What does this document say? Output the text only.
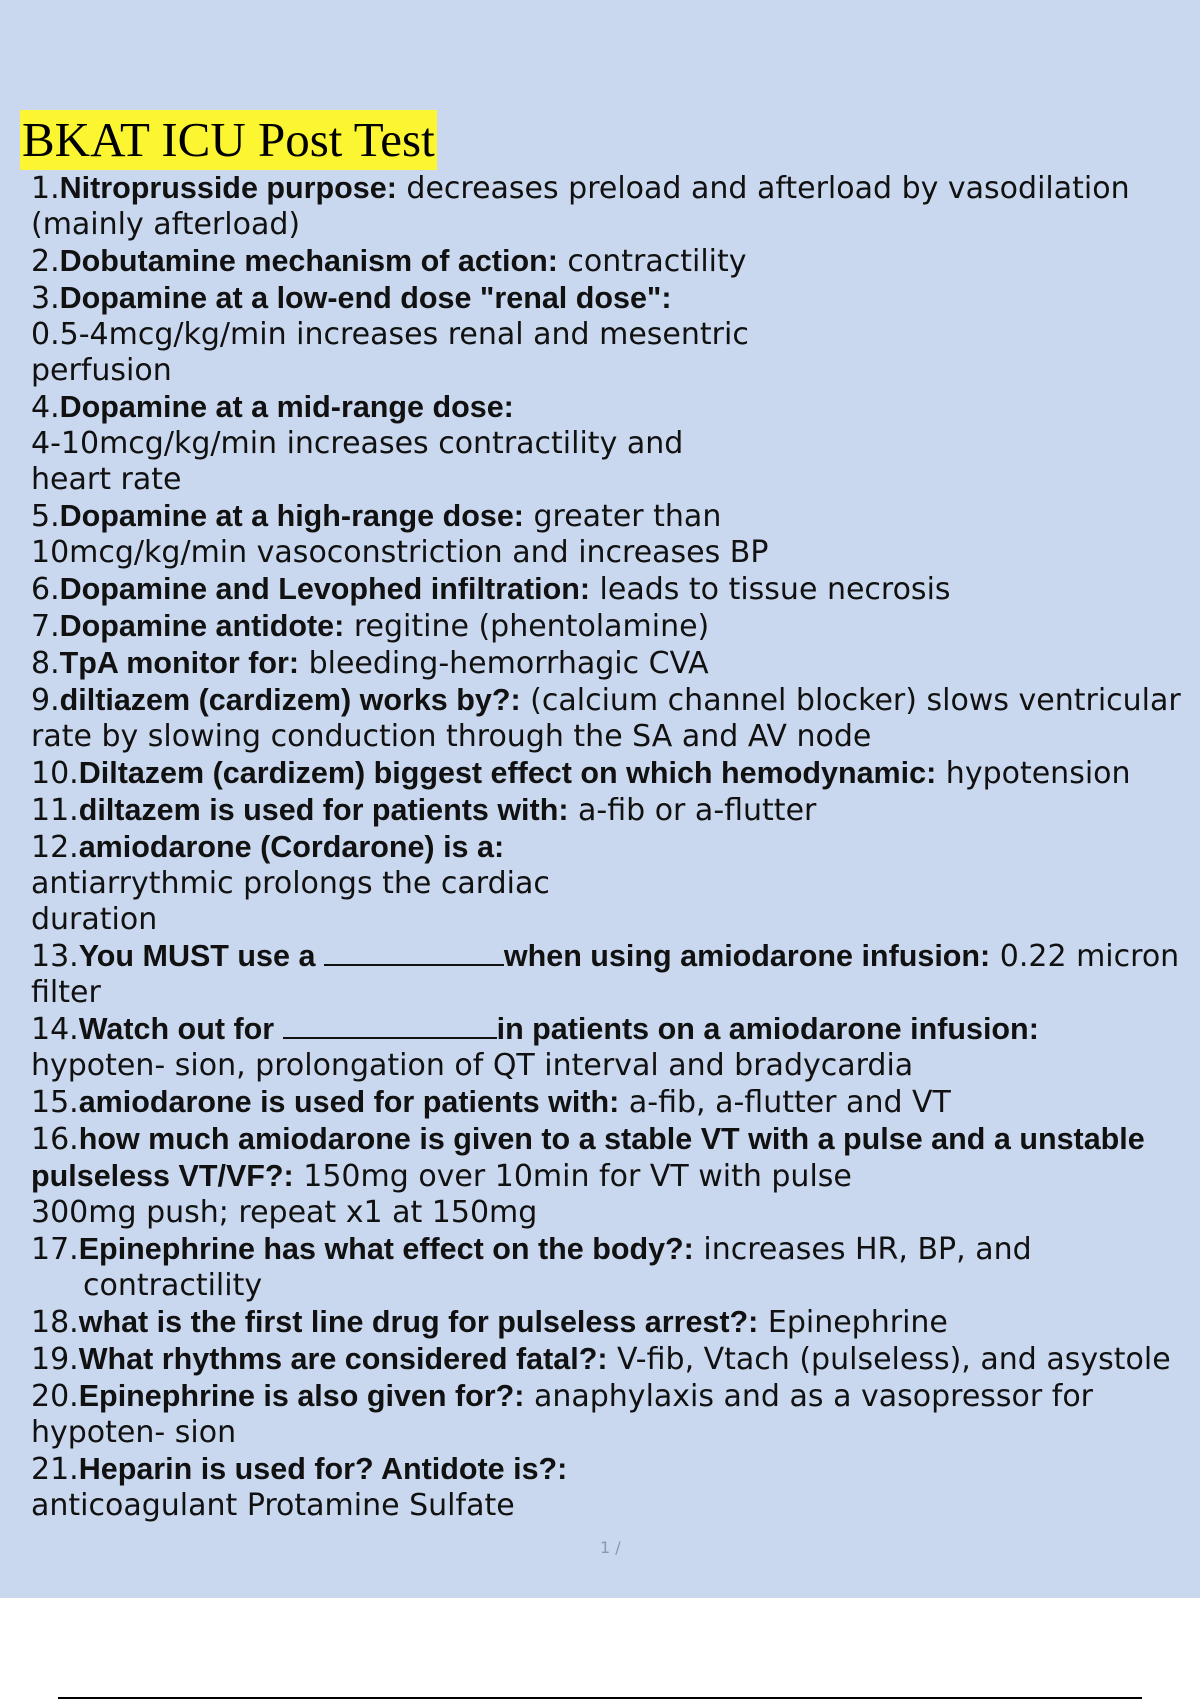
BKAT ICU Post Test

1.Nitroprusside purpose: decreases preload and afterload by vasodilation (mainly afterload)

2.Dobutamine mechanism of action: contractility

3.Dopamine at a low-end dose "renal dose":
0.5-4mcg/kg/min increases renal and mesentric
perfusion

4.Dopamine at a mid-range dose:
4-10mcg/kg/min increases contractility and
heart rate

5.Dopamine at a high-range dose: greater than
10mcg/kg/min vasoconstriction and increases BP

6.Dopamine and Levophed infiltration: leads to tissue necrosis

7.Dopamine antidote: regitine (phentolamine)

8.TpA monitor for: bleeding-hemorrhagic CVA

9.diltiazem (cardizem) works by?: (calcium channel blocker) slows ventricular rate by slowing conduction through the SA and AV node

10.Diltazem (cardizem) biggest effect on which hemodynamic: hypotension

11.diltazem is used for patients with: a-fib or a-flutter

12.amiodarone (Cordarone) is a:
antiarrythmic prolongs the cardiac
duration

13.You MUST use a	when using amiodarone infusion: 0.22 micron filter

14.Watch out for	in patients on a amiodarone infusion:
hypoten- sion, prolongation of QT interval and bradycardia

15.amiodarone is used for patients with: a-fib, a-flutter and VT

16.how much amiodarone is given to a stable VT with a pulse and a unstable pulseless VT/VF?: 150mg over 10min for VT with pulse
300mg push; repeat x1 at 150mg

17.Epinephrine has what effect on the body?: increases HR, BP, and contractility

18.what is the first line drug for pulseless arrest?: Epinephrine

19.What rhythms are considered fatal?: V-fib, Vtach (pulseless), and asystole

20.Epinephrine is also given for?: anaphylaxis and as a vasopressor for hypoten- sion

21.Heparin is used for? Antidote is?:
anticoagulant Protamine Sulfate

1 /
